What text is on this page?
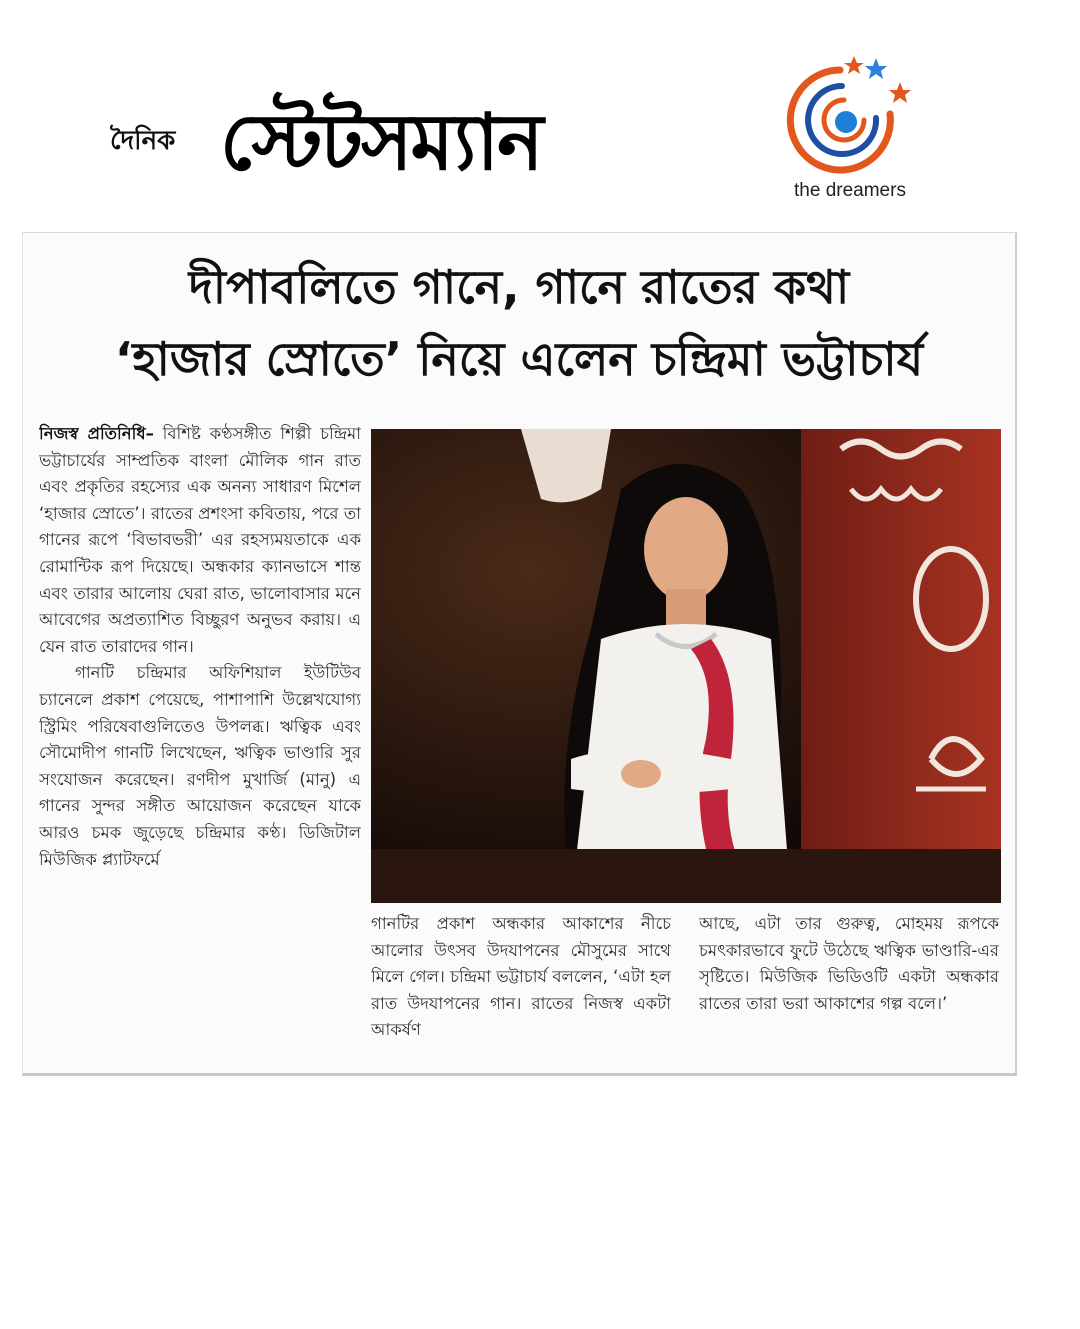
দৈনিক স্টেটসম্যান
the dreamers
দীপাবলিতে গানে, গানে রাতের কথা
‘হাজার স্রোতে’ নিয়ে এলেন চন্দ্রিমা ভট্টাচার্য
নিজস্ব প্রতিনিধি– বিশিষ্ট কণ্ঠসঙ্গীত শিল্পী চন্দ্রিমা ভট্টাচার্যের সাম্প্রতিক বাংলা মৌলিক গান রাত এবং প্রকৃতির রহস্যের এক অনন্য সাধারণ মিশেল ‘হাজার স্রোতে’। রাতের প্রশংসা কবিতায়, পরে তা গানের রূপে ‘বিভাবভরী’ এর রহস্যময়তাকে এক রোমান্টিক রূপ দিয়েছে। অন্ধকার ক্যানভাসে শান্ত এবং তারার আলোয় ঘেরা রাত, ভালোবাসার মনে আবেগের অপ্রত্যাশিত বিচ্ছুরণ অনুভব করায়। এ যেন রাত তারাদের গান।
গানটি চন্দ্রিমার অফিশিয়াল ইউটিউব চ্যানেলে প্রকাশ পেয়েছে, পাশাপাশি উল্লেখযোগ্য স্ট্রিমিং পরিষেবাগুলিতেও উপলব্ধ। ঋত্বিক এবং সৌমোদীপ গানটি লিখেছেন, ঋত্বিক ভাণ্ডারি সুর সংযোজন করেছেন। রণদীপ মুখার্জি (মানু) এ গানের সুন্দর সঙ্গীত আয়োজন করেছেন যাকে আরও চমক জুড়েছে চন্দ্রিমার কণ্ঠ। ডিজিটাল মিউজিক প্ল্যাটফর্মে
গানটির প্রকাশ অন্ধকার আকাশের নীচে আলোর উৎসব উদযাপনের মৌসুমের সাথে মিলে গেল। চন্দ্রিমা ভট্টাচার্য বললেন, ‘এটা হল রাত উদযাপনের গান। রাতের নিজস্ব একটা আকর্ষণ
আছে, এটা তার গুরুত্ব, মোহময় রূপকে চমৎকারভাবে ফুটে উঠেছে ঋত্বিক ভাণ্ডারি-এর সৃষ্টিতে। মিউজিক ভিডিওটি একটা অন্ধকার রাতের তারা ভরা আকাশের গল্প বলে।’
